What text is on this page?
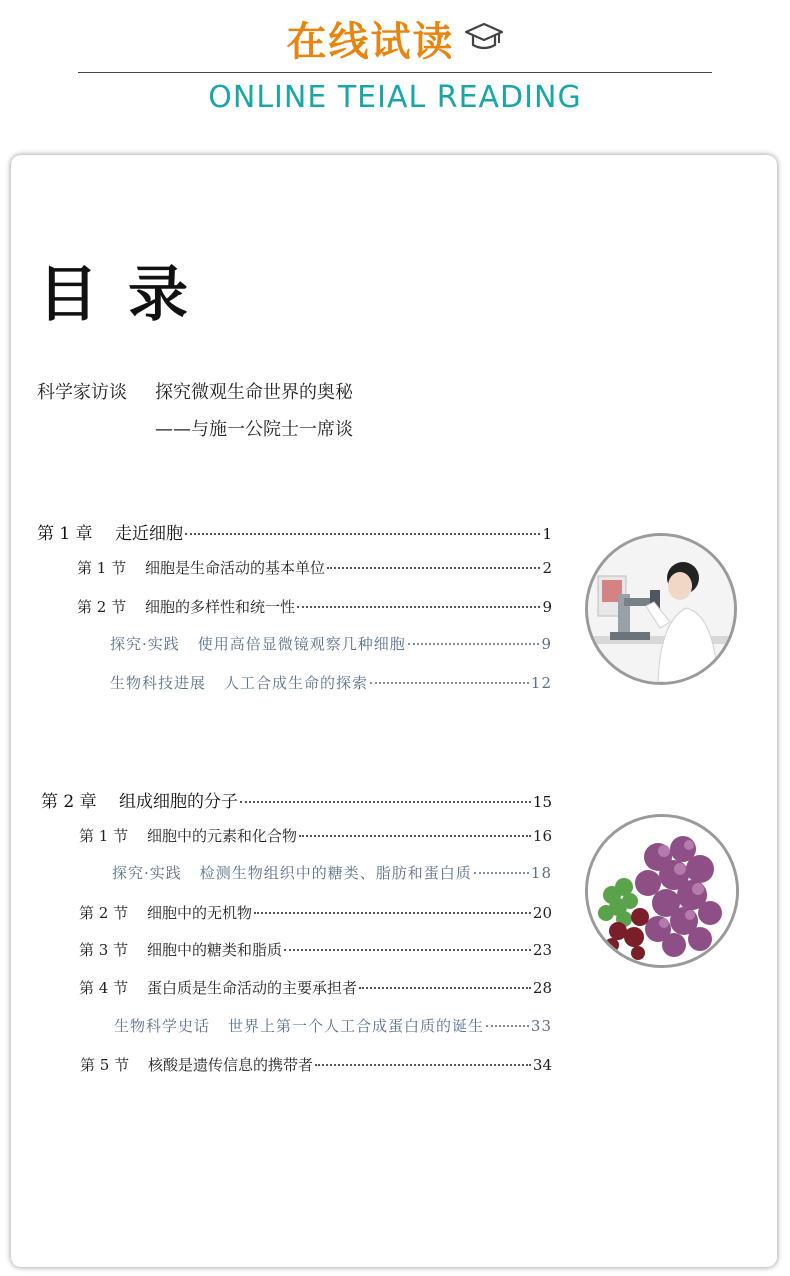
在线试读
ONLINE TEIAL READING
目录
科学家访谈 探究微观生命世界的奥秘
——与施一公院士一席谈
第 1 章	走近细胞	1
第 1 节	细胞是生命活动的基本单位	2
第 2 节	细胞的多样性和统一性	9
探究·实践 使用高倍显微镜观察几种细胞	9
生物科技进展 人工合成生命的探索	12
第 2 章	组成细胞的分子	15
第 1 节	细胞中的元素和化合物	16
探究·实践 检测生物组织中的糖类、脂肪和蛋白质	18
第 2 节	细胞中的无机物	20
第 3 节	细胞中的糖类和脂质	23
第 4 节	蛋白质是生命活动的主要承担者	28
生物科学史话 世界上第一个人工合成蛋白质的诞生	33
第 5 节	核酸是遗传信息的携带者	34
